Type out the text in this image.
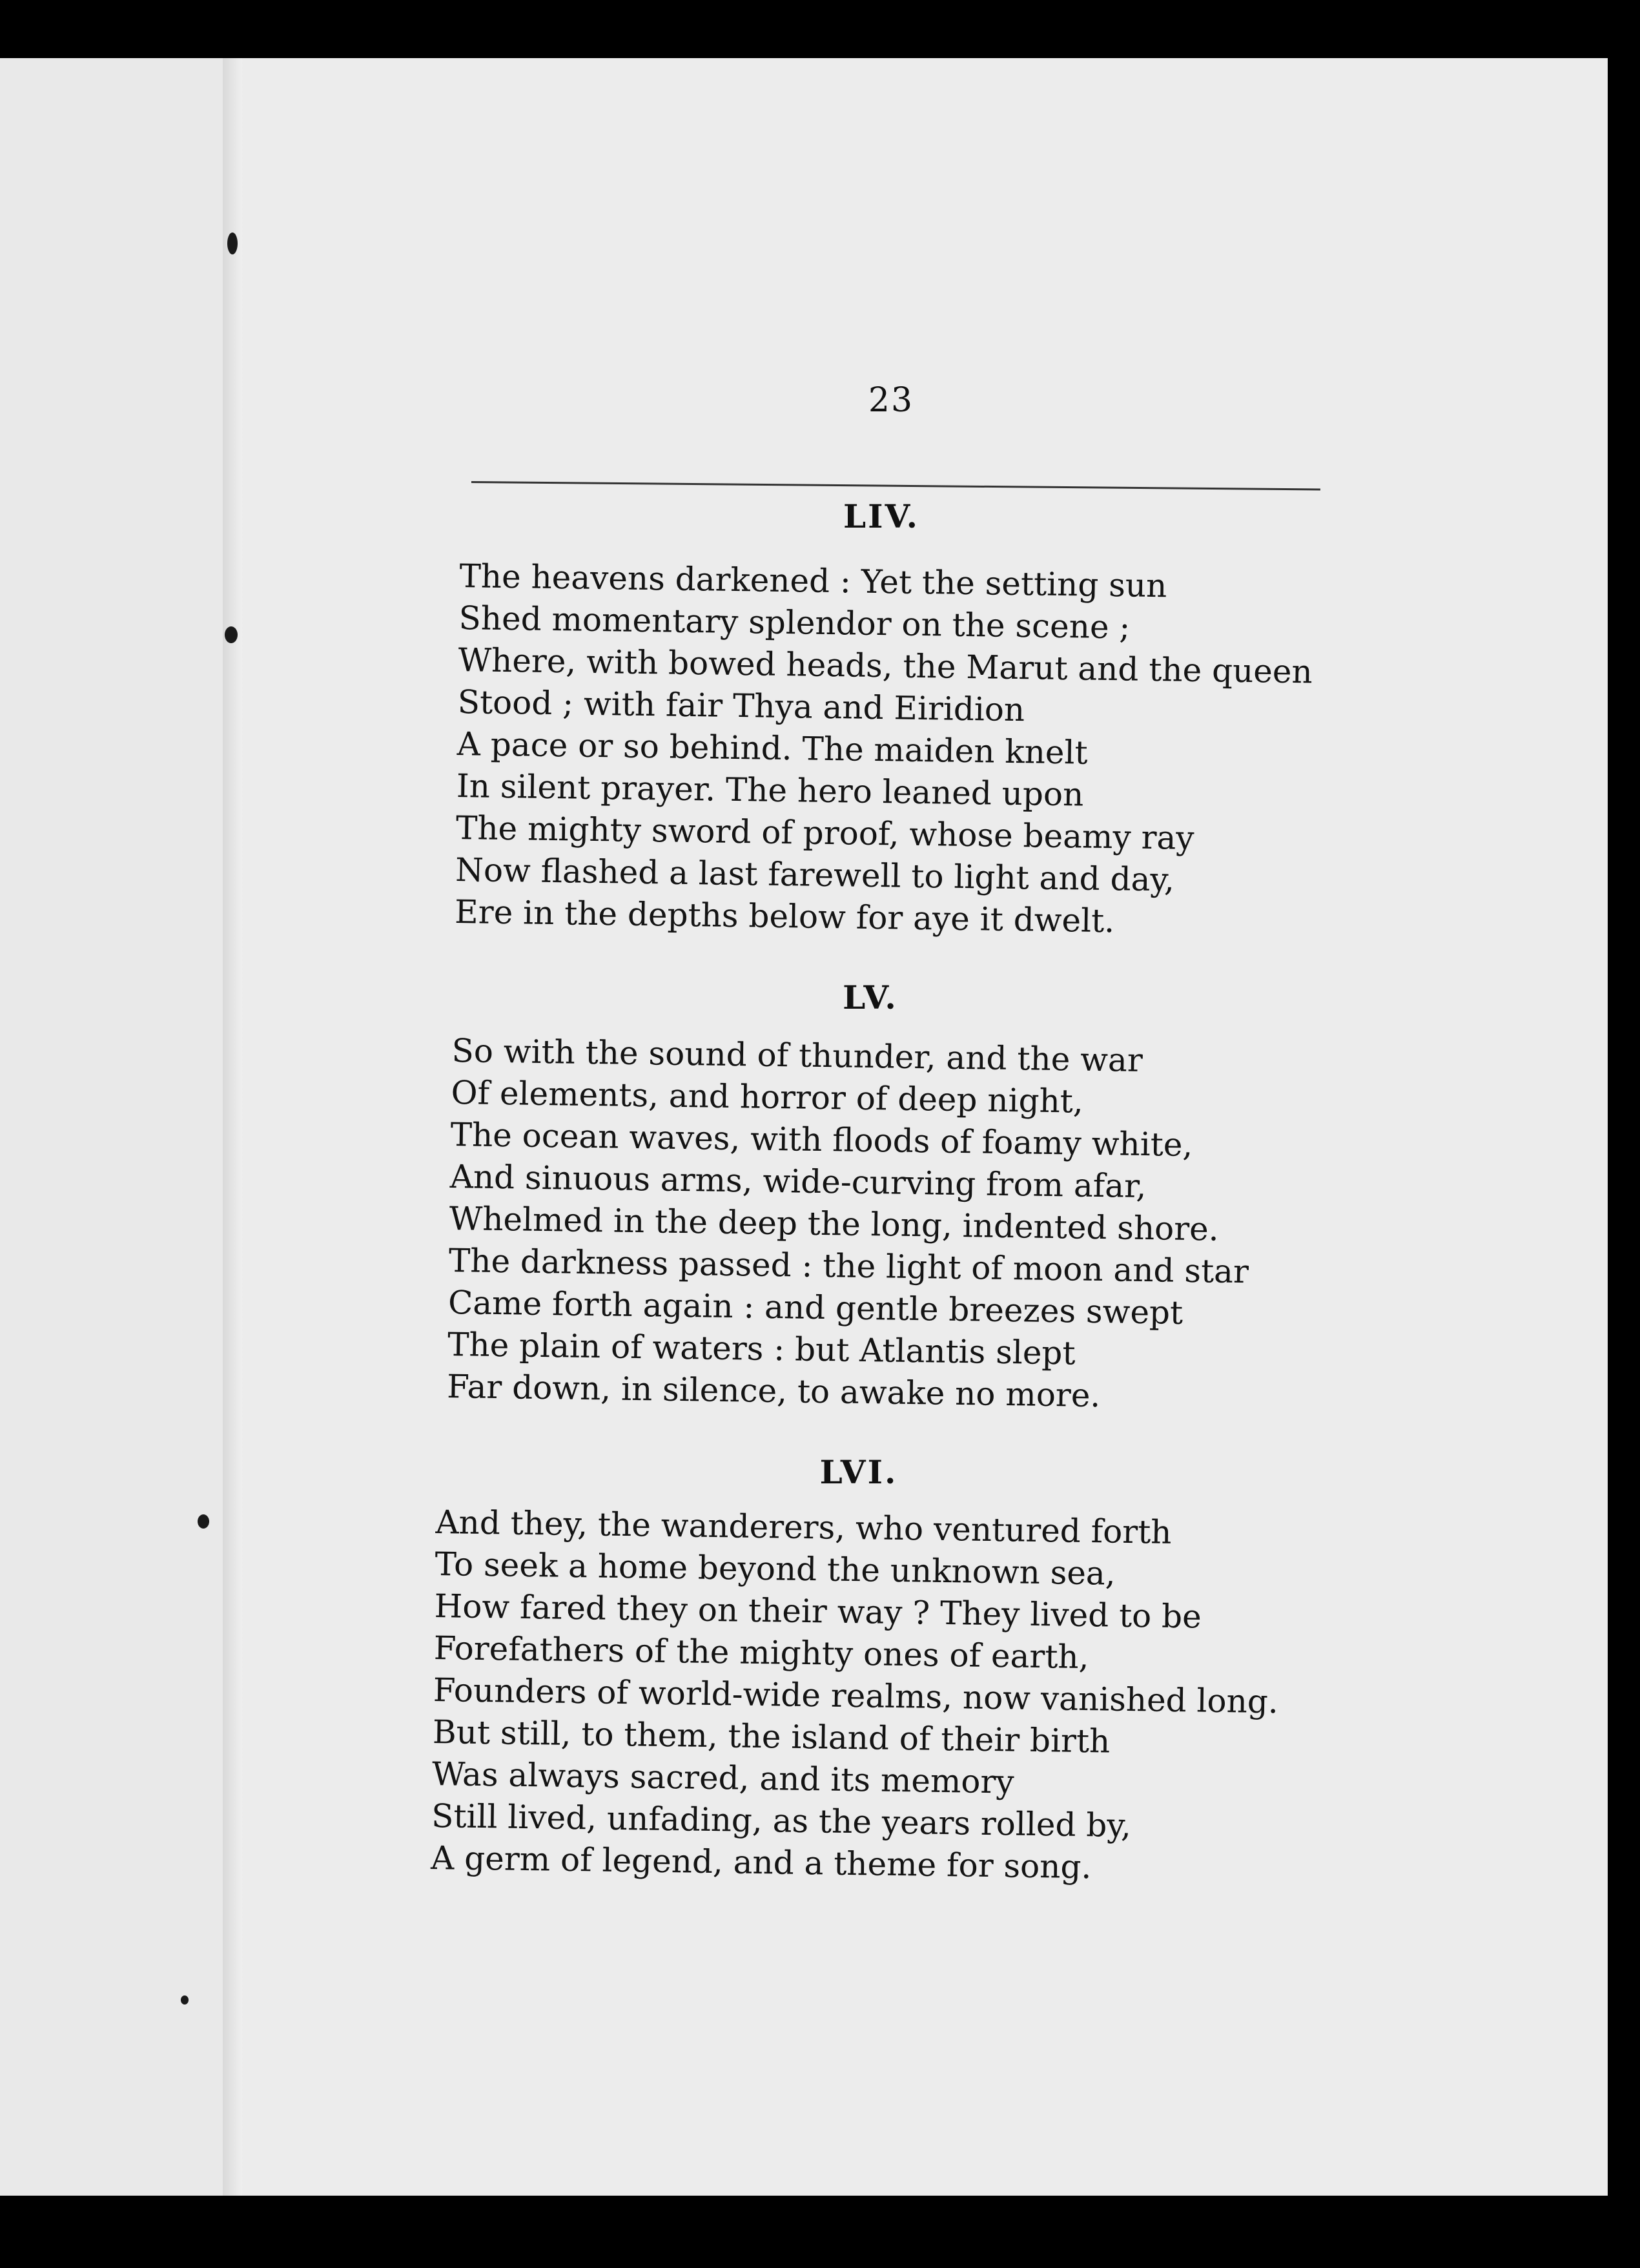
23
LIV.
The heavens darkened : Yet the setting sun
Shed momentary splendor on the scene ;
Where, with bowed heads, the Marut and the queen
Stood ; with fair Thya and Eiridion
A pace or so behind. The maiden knelt
In silent prayer. The hero leaned upon
The mighty sword of proof, whose beamy ray
Now flashed a last farewell to light and day,
Ere in the depths below for aye it dwelt.
LV.
So with the sound of thunder, and the war
Of elements, and horror of deep night,
The ocean waves, with floods of foamy white,
And sinuous arms, wide-curving from afar,
Whelmed in the deep the long, indented shore.
The darkness passed : the light of moon and star
Came forth again : and gentle breezes swept
The plain of waters : but Atlantis slept
Far down, in silence, to awake no more.
LVI.
And they, the wanderers, who ventured forth
To seek a home beyond the unknown sea,
How fared they on their way ? They lived to be
Forefathers of the mighty ones of earth,
Founders of world-wide realms, now vanished long.
But still, to them, the island of their birth
Was always sacred, and its memory
Still lived, unfading, as the years rolled by,
A germ of legend, and a theme for song.
